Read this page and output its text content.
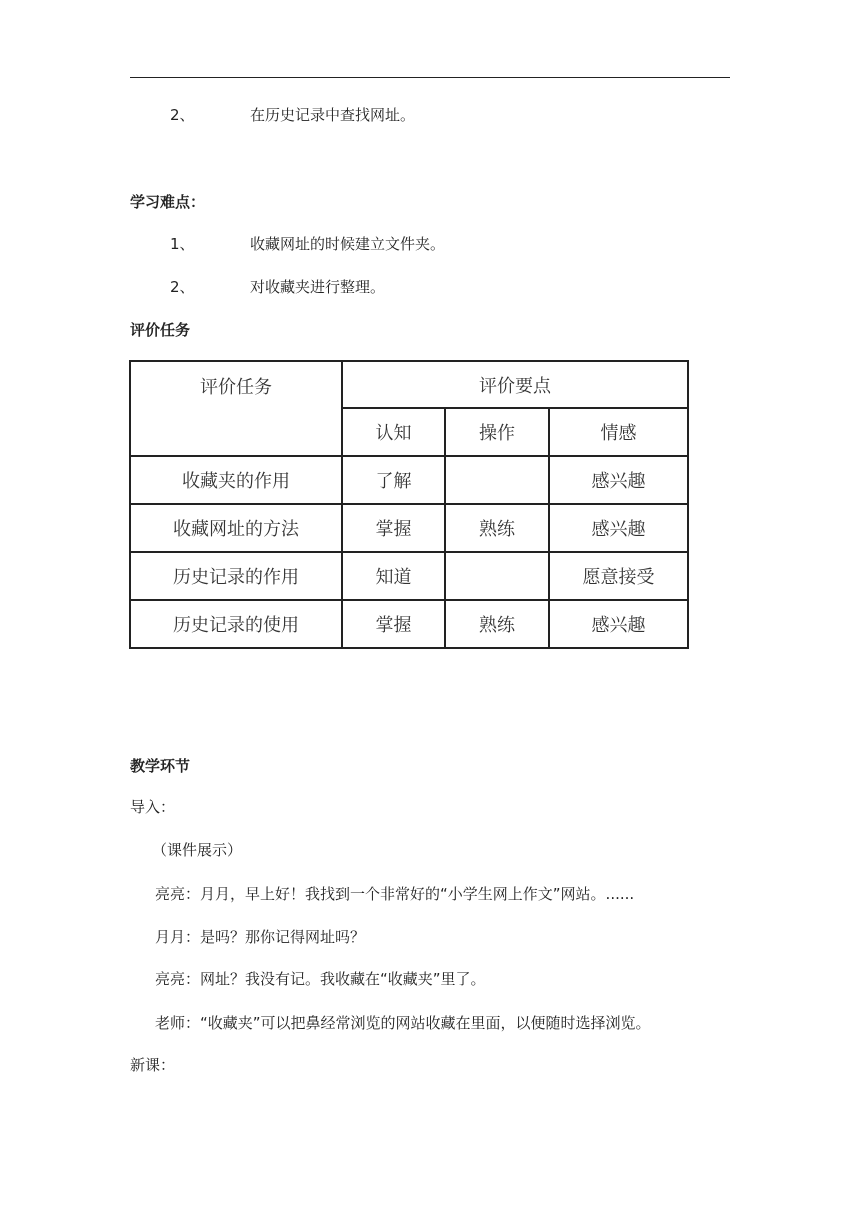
2、	在历史记录中查找网址。
学习难点：
1、	收藏网址的时候建立文件夹。
2、	对收藏夹进行整理。
评价任务
评价任务	评价要点		
	认知	操作	情感
收藏夹的作用	了解		感兴趣
收藏网址的方法	掌握	熟练	感兴趣
历史记录的作用	知道		愿意接受
历史记录的使用	掌握	熟练	感兴趣
教学环节
导入：
（课件展示）
亮亮：月月，早上好！我找到一个非常好的“小学生网上作文”网站。......
月月：是吗？那你记得网址吗？
亮亮：网址？我没有记。我收藏在“收藏夹”里了。
老师：“收藏夹”可以把鼻经常浏览的网站收藏在里面，以便随时选择浏览。
新课：
